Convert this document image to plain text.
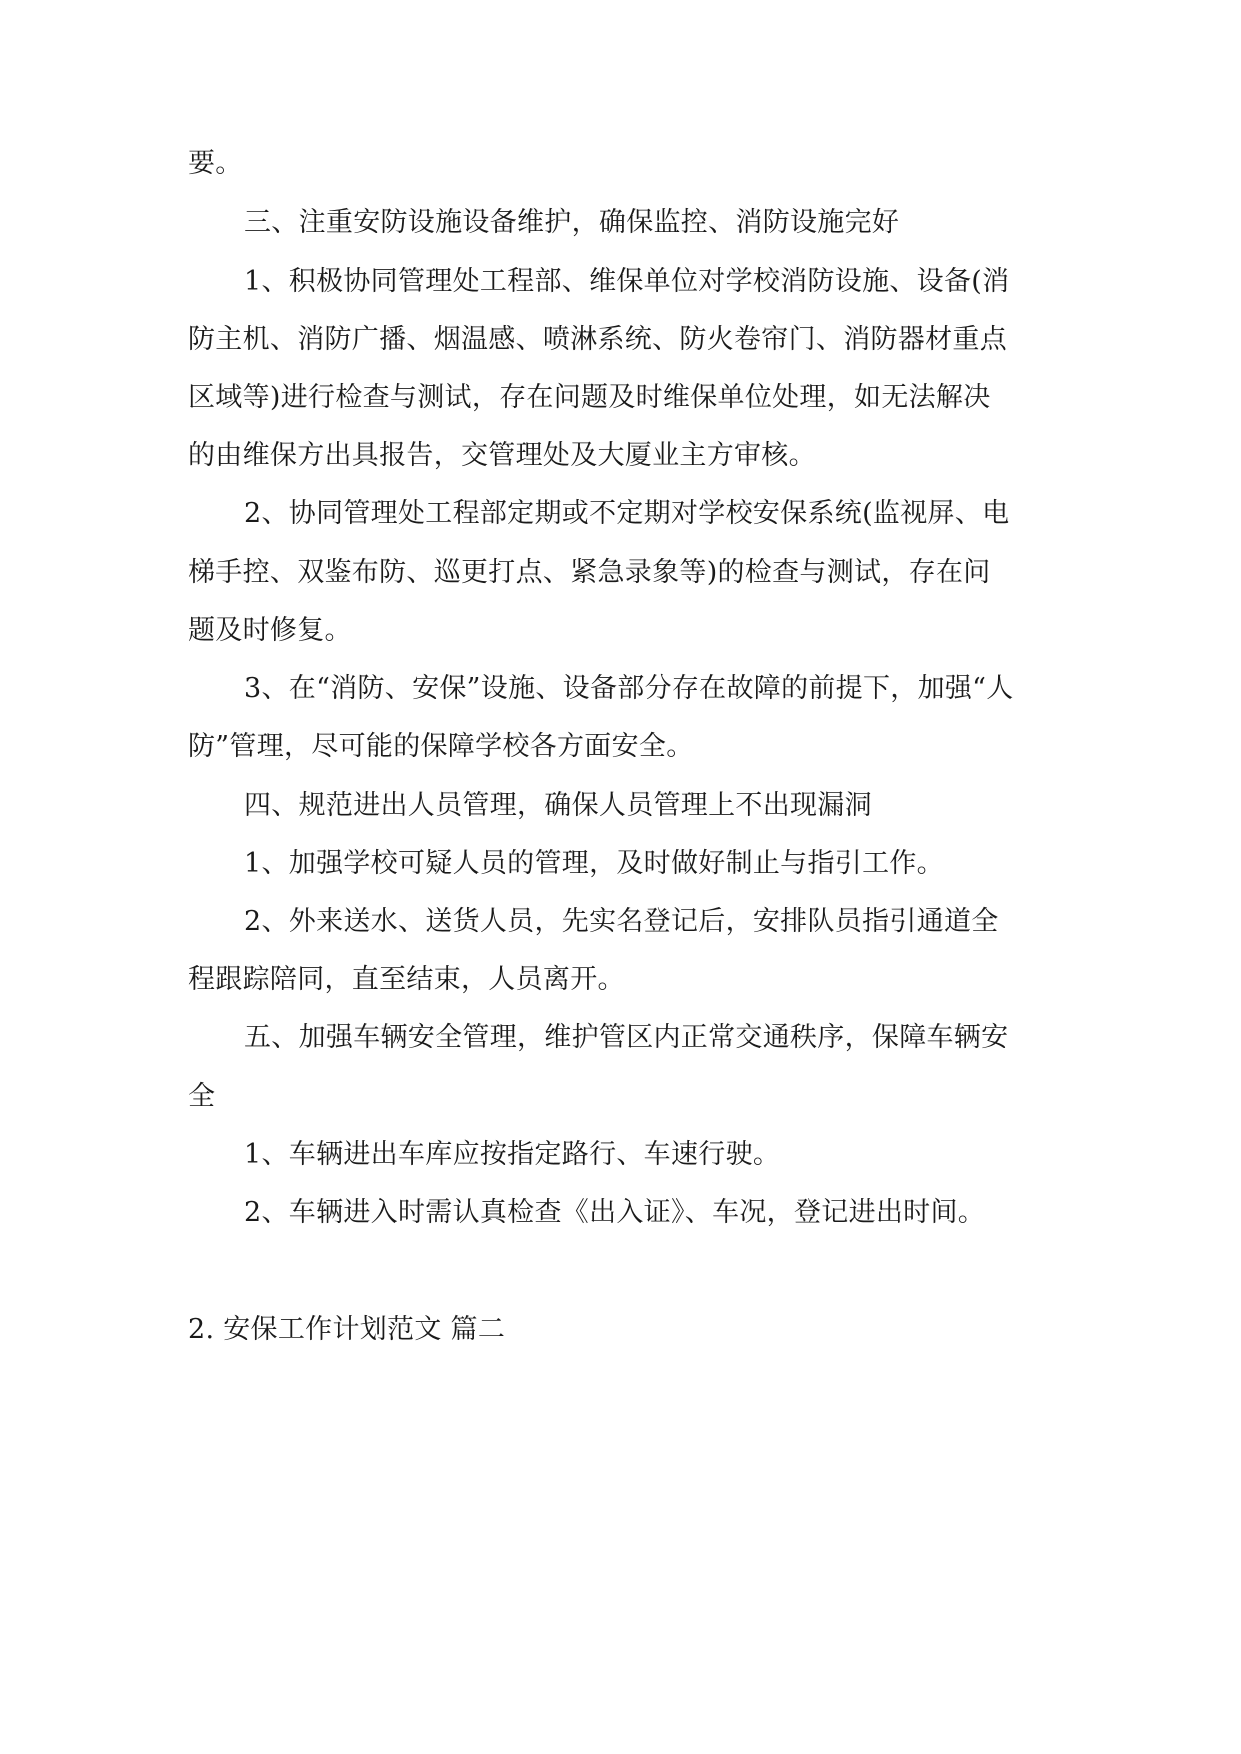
要。
三、注重安防设施设备维护，确保监控、消防设施完好
1、积极协同管理处工程部、维保单位对学校消防设施、设备(消
防主机、消防广播、烟温感、喷淋系统、防火卷帘门、消防器材重点
区域等)进行检查与测试，存在问题及时维保单位处理，如无法解决
的由维保方出具报告，交管理处及大厦业主方审核。
2、协同管理处工程部定期或不定期对学校安保系统(监视屏、电
梯手控、双鉴布防、巡更打点、紧急录象等)的检查与测试，存在问
题及时修复。
3、在“消防、安保”设施、设备部分存在故障的前提下，加强“人
防”管理，尽可能的保障学校各方面安全。
四、规范进出人员管理，确保人员管理上不出现漏洞
1、加强学校可疑人员的管理，及时做好制止与指引工作。
2、外来送水、送货人员，先实名登记后，安排队员指引通道全
程跟踪陪同，直至结束，人员离开。
五、加强车辆安全管理，维护管区内正常交通秩序，保障车辆安
全
1、车辆进出车库应按指定路行、车速行驶。
2、车辆进入时需认真检查《出入证》、车况，登记进出时间。
2. 安保工作计划范文 篇二
